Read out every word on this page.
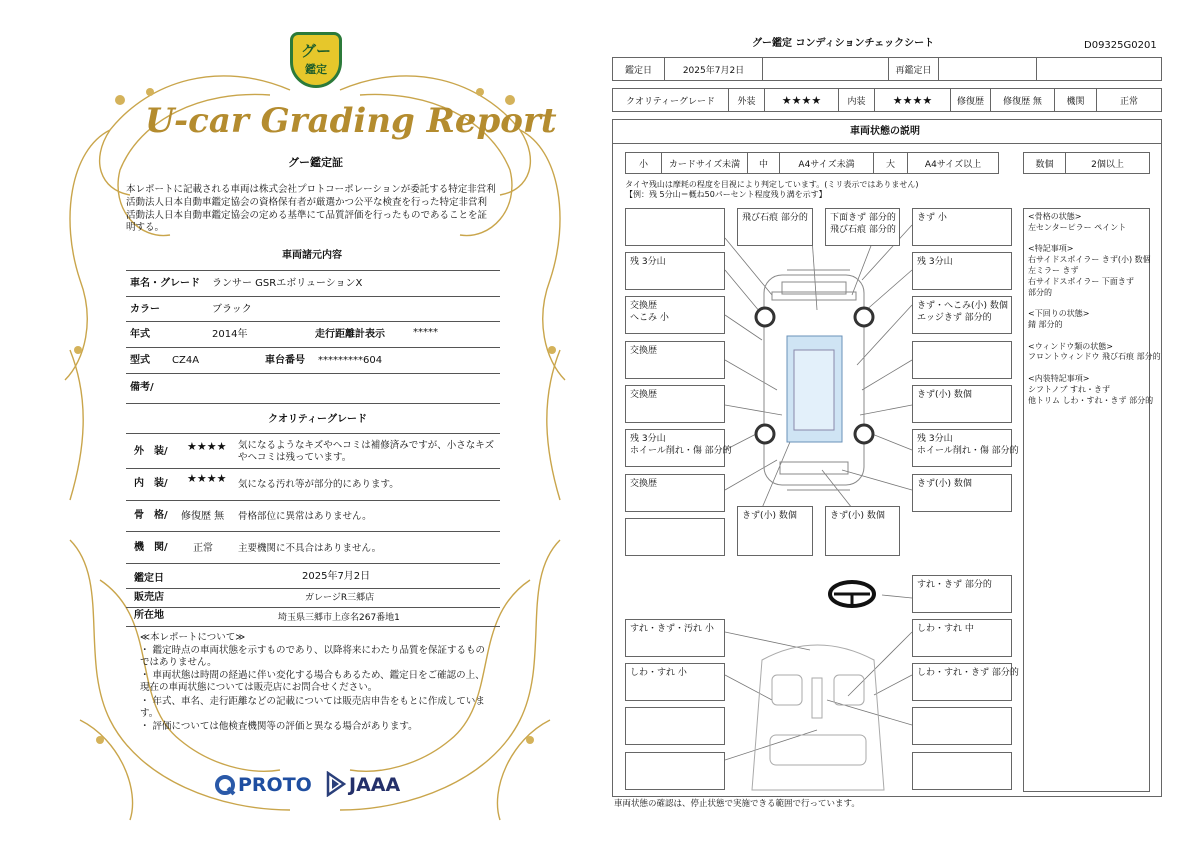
グー
鑑定
U-car Grading Report
グー鑑定証
本レポートに記載される車両は株式会社プロトコーポレーションが委託する特定非営利活動法人日本自動車鑑定協会の資格保有者が厳選かつ公平な検査を行った特定非営利活動法人日本自動車鑑定協会の定める基準にて品質評価を行ったものであることを証明する。
車両諸元内容
車名・グレード ランサー GSRエボリューションX
カラー	ブラック
年式	2014年	走行距離計表示	*****
型式 CZ4A	車台番号 *********604
備考/
クオリティーグレード
外　装/ ★★★★ 気になるようなキズやヘコミは補修済みですが、小さなキズやヘコミは残っています。
内　装/ ★★★★ 気になる汚れ等が部分的にあります。
骨　格/ 修復歴 無 骨格部位に異常はありません。
機　関/	正常	主要機関に不具合はありません。
鑑定日	2025年7月2日
販売店	ガレージR三郷店
所在地	埼玉県三郷市上彦名267番地1
≪本レポートについて≫
・ 鑑定時点の車両状態を示すものであり、以降将来にわたり品質を保証するものではありません。
・ 車両状態は時間の経過に伴い変化する場合もあるため、鑑定日をご確認の上、現在の車両状態については販売店にお問合せください。
・ 年式、車名、走行距離などの記載については販売店申告をもとに作成しています。
・ 評価については他検査機関等の評価と異なる場合があります。
PROTO JAAA
グー鑑定 コンディションチェックシート	D09325G0201
鑑定日	2025年7月2日	再鑑定日
クオリティーグレード 外装 ★★★★	内装 ★★★★	修復歴 修復歴 無	機関	正常
車両状態の説明
小 カードサイズ未満 中	A4サイズ未満	大	A4サイズ以上	数個	2個以上
タイヤ残山は摩耗の程度を目視により判定しています。(ミリ表示ではありません)
【例：残 5分山＝概ね50パーセント程度残り溝を示す】
飛び石痕 部分的	下面きず 部分的
飛び石痕 部分的
きず 小
残 3分山
交換歴
へこみ 小
交換歴
交換歴
残 3分山
ホイール削れ・傷 部分的
交換歴
残 3分山
きず・へこみ(小) 数個
エッジきず 部分的
きず(小) 数個
残 3分山
ホイール削れ・傷 部分的
きず(小) 数個
きず(小) 数個	きず(小) 数個
すれ・きず 部分的
すれ・きず・汚れ 小
しわ・すれ 小
しわ・すれ 中
しわ・すれ・きず 部分的
<骨格の状態>
左センターピラー ペイント

<特記事項>
右サイドスポイラー きず(小) 数個
左ミラー きず
右サイドスポイラー 下面きず
部分的

<下回りの状態>
錆 部分的

<ウィンドウ類の状態>
フロントウィンドウ 飛び石痕 部分的

<内装特記事項>
シフトノブ すれ・きず
他トリム しわ・すれ・きず 部分的
車両状態の確認は、停止状態で実施できる範囲で行っています。
